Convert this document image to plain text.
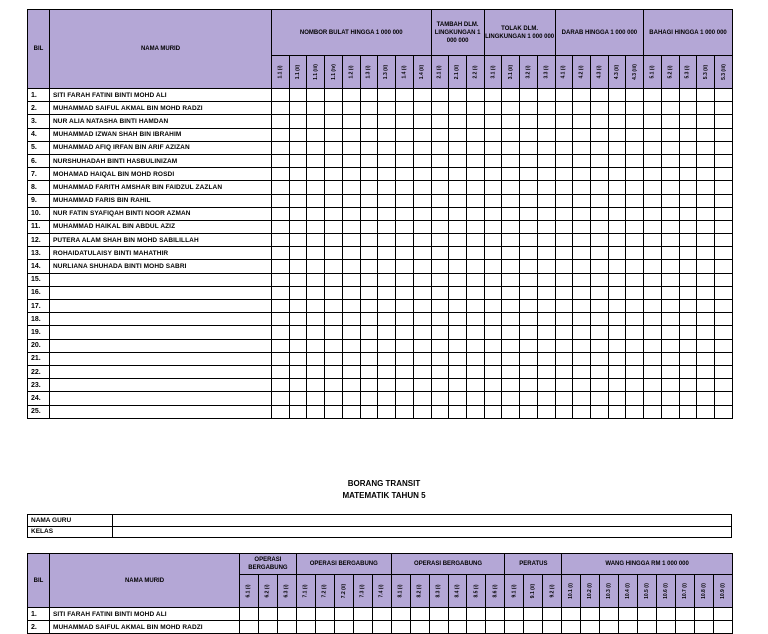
BIL	NAMA MURID	NOMBOR BULAT HINGGA 1 000 000									TAMBAH DLM. LINGKUNGAN 1 000 000			TOLAK DLM. LINGKUNGAN 1 000 000				DARAB HINGGA 1 000 000					BAHAGI HINGGA 1 000 000				
		1.1 (i)	1.1 (ii)	1.1 (iii)	1.1 (iv)	1.2 (i)	1.3 (i)	1.3 (ii)	1.4 (i)	1.4 (ii)	2.1 (i)	2.1 (ii)	2.2 (i)	3.1 (i)	3.1 (ii)	3.2 (i)	3.3 (i)	4.1 (i)	4.2 (i)	4.3 (i)	4.3 (ii)	4.3 (iii)	5.1 (i)	5.2 (i)	5.3 (i)	5.3 (ii)	5.3 (iii)
1.	SITI FARAH FATINI BINTI MOHD ALI																										
2.	MUHAMMAD SAIFUL AKMAL BIN MOHD RADZI																										
3.	NUR ALIA NATASHA BINTI HAMDAN																										
4.	MUHAMMAD IZWAN SHAH BIN IBRAHIM																										
5.	MUHAMMAD AFIQ IRFAN BIN ARIF AZIZAN																										
6.	NURSHUHADAH BINTI HASBULINIZAM																										
7.	MOHAMAD HAIQAL BIN MOHD ROSDI																										
8.	MUHAMMAD FARITH AMSHAR BIN FAIDZUL ZAZLAN																										
9.	MUHAMMAD FARIS BIN RAHIL																										
10.	NUR FATIN SYAFIQAH BINTI NOOR AZMAN																										
11.	MUHAMMAD HAIKAL BIN ABDUL AZIZ																										
12.	PUTERA ALAM SHAH BIN MOHD SABILILLAH																										
13.	ROHAIDATULAISY BINTI MAHATHIR																										
14.	NURLIANA SHUHADA BINTI MOHD SABRI																										
15.																											
16.																											
17.																											
18.																											
19.																											
20.																											
21.																											
22.																											
23.																											
24.																											
25.																											
BORANG TRANSIT
MATEMATIK TAHUN 5
NAMA GURU	
KELAS	
BIL	NAMA MURID	OPERASI BERGABUNG			OPERASI BERGABUNG					OPERASI BERGABUNG						PERATUS			WANG HINGGA RM 1 000 000								
		6.1 (i)	6.2 (i)	6.3 (i)	7.1 (i)	7.2 (i)	7.2 (ii)	7.3 (i)	7.4 (i)	8.1 (i)	8.2 (i)	8.3 (i)	8.4 (i)	8.5 (i)	8.6 (i)	9.1 (i)	9.1 (ii)	9.2 (i)	10.1 (i)	10.2 (i)	10.3 (i)	10.4 (i)	10.5 (i)	10.6 (i)	10.7 (i)	10.8 (i)	10.9 (i)
1.	SITI FARAH FATINI BINTI MOHD ALI																										
2.	MUHAMMAD SAIFUL AKMAL BIN MOHD RADZI																										
